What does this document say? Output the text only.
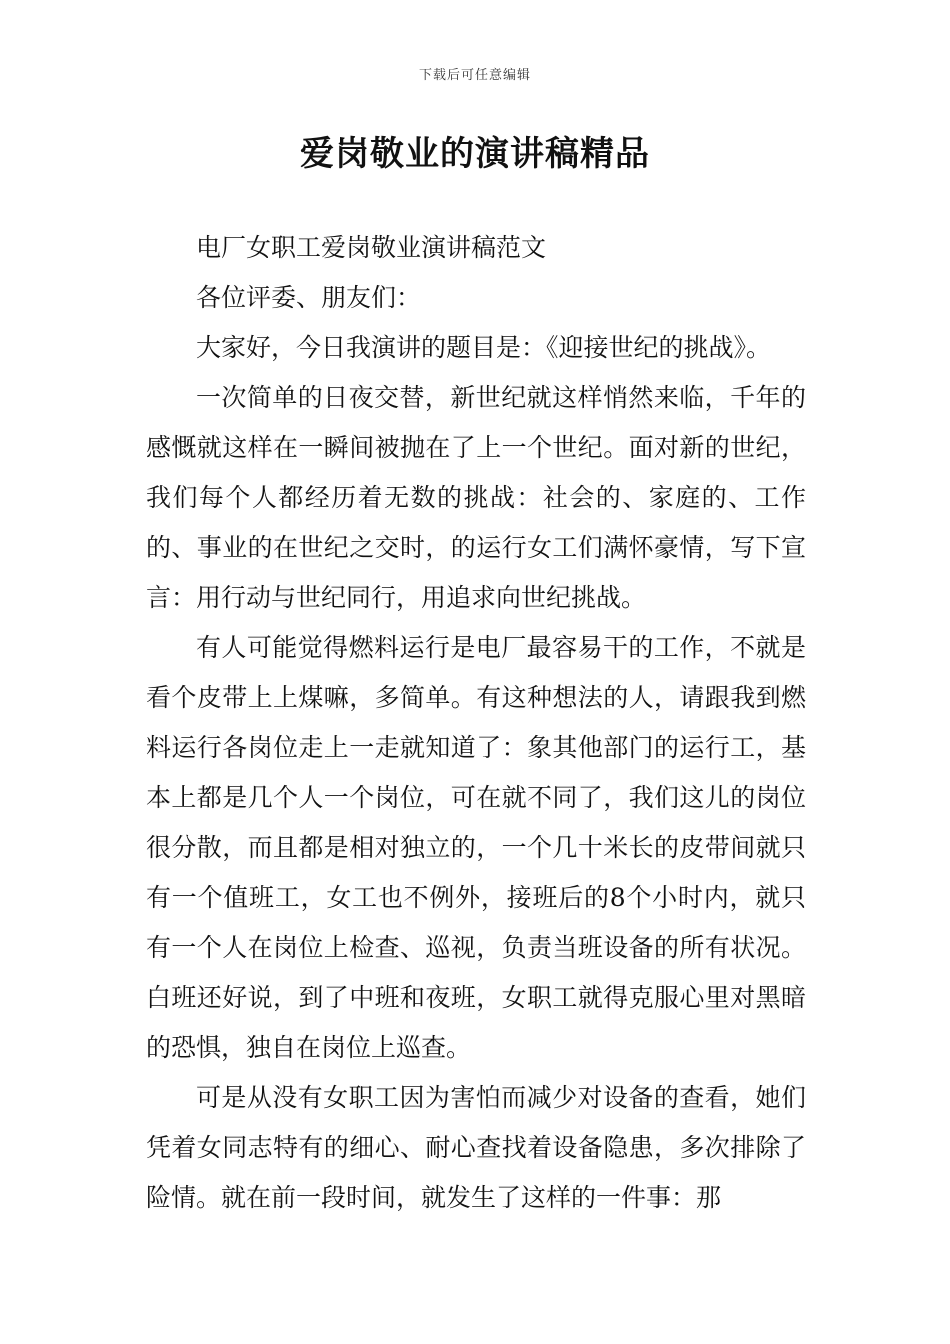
下载后可任意编辑
爱岗敬业的演讲稿精品

电厂女职工爱岗敬业演讲稿范文

各位评委、朋友们：

大家好，今日我演讲的题目是：《迎接世纪的挑战》。

一次简单的日夜交替，新世纪就这样悄然来临，千年的感慨就这样在一瞬间被抛在了上一个世纪。面对新的世纪， 我们每个人都经历着无数的挑战：社会的、家庭的、工作的、事业的在世纪之交时，的运行女工们满怀豪情，写下宣言：用行动与世纪同行，用追求向世纪挑战。

有人可能觉得燃料运行是电厂最容易干的工作，不就是看个皮带上上煤嘛，多简单。有这种想法的人，请跟我到燃料运行各岗位走上一走就知道了：象其他部门的运行工，基本上都是几个人一个岗位，可在就不同了，我们这儿的岗位很分散，而且都是相对独立的，一个几十米长的皮带间就只有一个值班工，女工也不例外，接班后的8个小时内，就只有一个人在岗位上检查、巡视，负责当班设备的所有状况。白班还好说，到了中班和夜班，女职工就得克服心里对黑暗的恐惧，独自在岗位上巡查。

可是从没有女职工因为害怕而减少对设备的查看，她们凭着女同志特有的细心、耐心查找着设备隐患，多次排除了险情。就在前一段时间，就发生了这样的一件事：那
